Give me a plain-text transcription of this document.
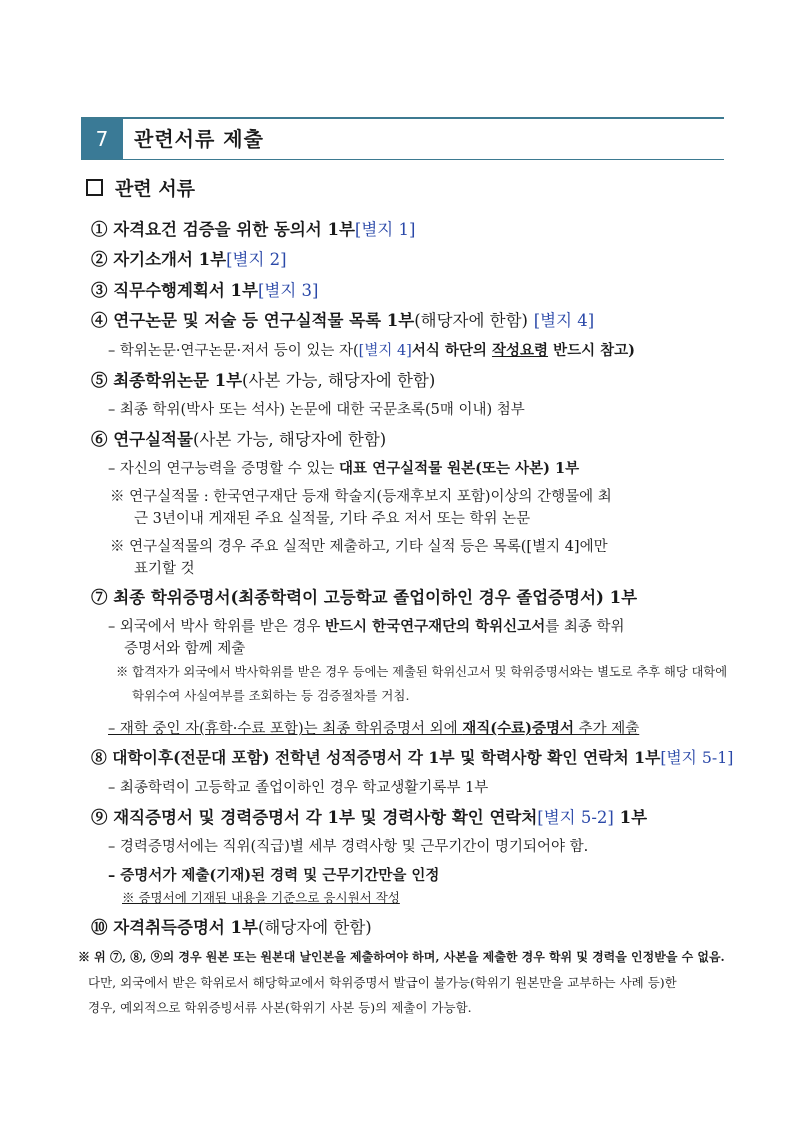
7	관련서류 제출
관련 서류
① 자격요건 검증을 위한 동의서 1부[별지 1]
② 자기소개서 1부[별지 2]
③ 직무수행계획서 1부[별지 3]
④ 연구논문 및 저술 등 연구실적물 목록 1부(해당자에 한함) [별지 4]
– 학위논문·연구논문·저서 등이 있는 자([별지 4]서식 하단의 작성요령 반드시 참고)
⑤ 최종학위논문 1부(사본 가능, 해당자에 한함)
– 최종 학위(박사 또는 석사) 논문에 대한 국문초록(5매 이내) 첨부
⑥ 연구실적물(사본 가능, 해당자에 한함)
– 자신의 연구능력을 증명할 수 있는 대표 연구실적물 원본(또는 사본) 1부
※ 연구실적물 : 한국연구재단 등재 학술지(등재후보지 포함)이상의 간행물에 최
근 3년이내 게재된 주요 실적물, 기타 주요 저서 또는 학위 논문
※ 연구실적물의 경우 주요 실적만 제출하고, 기타 실적 등은 목록([별지 4]에만
표기할 것
⑦ 최종 학위증명서(최종학력이 고등학교 졸업이하인 경우 졸업증명서) 1부
– 외국에서 박사 학위를 받은 경우 반드시 한국연구재단의 학위신고서를 최종 학위
증명서와 함께 제출
※ 합격자가 외국에서 박사학위를 받은 경우 등에는 제출된 학위신고서 및 학위증명서와는 별도로 추후 해당 대학에
학위수여 사실여부를 조회하는 등 검증절차를 거침.
– 재학 중인 자(휴학·수료 포함)는 최종 학위증명서 외에 재직(수료)증명서 추가 제출
⑧ 대학이후(전문대 포함) 전학년 성적증명서 각 1부 및 학력사항 확인 연락처 1부[별지 5-1]
– 최종학력이 고등학교 졸업이하인 경우 학교생활기록부 1부
⑨ 재직증명서 및 경력증명서 각 1부 및 경력사항 확인 연락처[별지 5-2] 1부
– 경력증명서에는 직위(직급)별 세부 경력사항 및 근무기간이 명기되어야 함.
– 증명서가 제출(기재)된 경력 및 근무기간만을 인정
※ 증명서에 기재된 내용을 기준으로 응시원서 작성
⑩ 자격취득증명서 1부(해당자에 한함)
※ 위 ⑦, ⑧, ⑨의 경우 원본 또는 원본대 날인본을 제출하여야 하며, 사본을 제출한 경우 학위 및 경력을 인정받을 수 없음.
다만, 외국에서 받은 학위로서 해당학교에서 학위증명서 발급이 불가능(학위기 원본만을 교부하는 사례 등)한
경우, 예외적으로 학위증빙서류 사본(학위기 사본 등)의 제출이 가능함.
